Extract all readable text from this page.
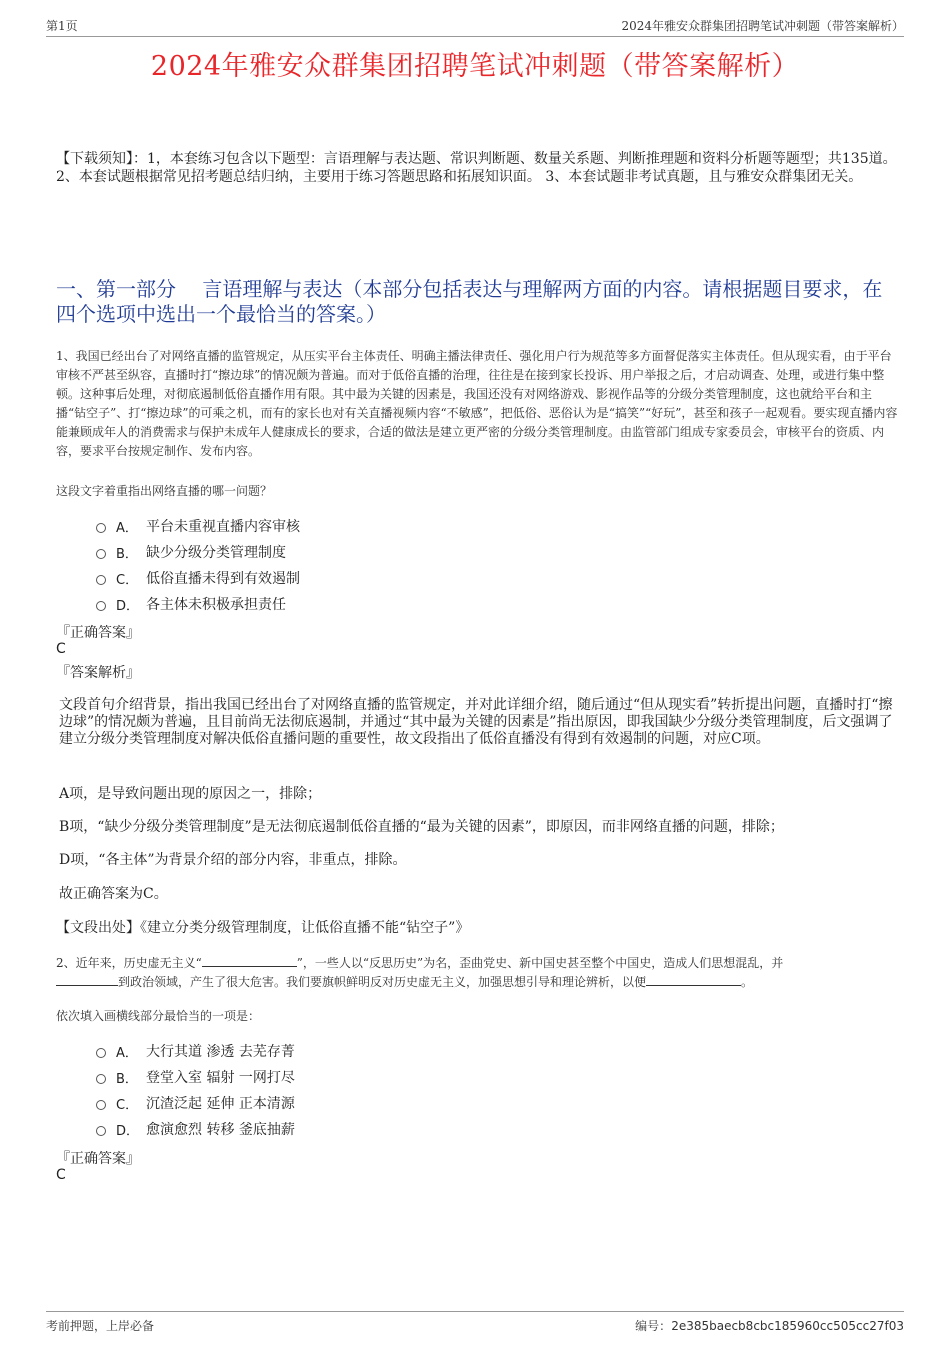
第1页	2024年雅安众群集团招聘笔试冲刺题（带答案解析）
2024年雅安众群集团招聘笔试冲刺题（带答案解析）

【下载须知】：1，本套练习包含以下题型：言语理解与表达题、常识判断题、数量关系题、判断推理题和资料分析题等题型；共135道。 2、本套试题根据常见招考题总结归纳，主要用于练习答题思路和拓展知识面。 3、本套试题非考试真题，且与雅安众群集团无关。

一、第一部分　 言语理解与表达（本部分包括表达与理解两方面的内容。请根据题目要求，在四个选项中选出一个最恰当的答案。）

1、我国已经出台了对网络直播的监管规定，从压实平台主体责任、明确主播法律责任、强化用户行为规范等多方面督促落实主体责任。但从现实看，由于平台审核不严甚至纵容，直播时打“擦边球”的情况颇为普遍。而对于低俗直播的治理，往往是在接到家长投诉、用户举报之后，才启动调查、处理，或进行集中整顿。这种事后处理，对彻底遏制低俗直播作用有限。其中最为关键的因素是，我国还没有对网络游戏、影视作品等的分级分类管理制度，这也就给平台和主播“钻空子”、打“擦边球”的可乘之机，而有的家长也对有关直播视频内容“不敏感”，把低俗、恶俗认为是“搞笑”“好玩”，甚至和孩子一起观看。要实现直播内容能兼顾成年人的消费需求与保护未成年人健康成长的要求，合适的做法是建立更严密的分级分类管理制度。由监管部门组成专家委员会，审核平台的资质、内容，要求平台按规定制作、发布内容。

这段文字着重指出网络直播的哪一问题？

A． 平台未重视直播内容审核
B． 缺少分级分类管理制度
C． 低俗直播未得到有效遏制
D． 各主体未积极承担责任

『正确答案』

C

『答案解析』

文段首句介绍背景，指出我国已经出台了对网络直播的监管规定，并对此详细介绍，随后通过“但从现实看”转折提出问题，直播时打“擦边球”的情况颇为普遍，且目前尚无法彻底遏制，并通过“其中最为关键的因素是”指出原因，即我国缺少分级分类管理制度，后文强调了建立分级分类管理制度对解决低俗直播问题的重要性，故文段指出了低俗直播没有得到有效遏制的问题，对应C项。

A项，是导致问题出现的原因之一，排除；

B项，“缺少分级分类管理制度”是无法彻底遏制低俗直播的“最为关键的因素”，即原因，而非网络直播的问题，排除；

D项，“各主体”为背景介绍的部分内容，非重点，排除。

故正确答案为C。

【文段出处】《建立分类分级管理制度，让低俗直播不能“钻空子”》

2、近年来，历史虚无主义“	”，一些人以“反思历史”为名，歪曲党史、新中国史甚至整个中国史，造成人们思想混乱，并
到政治领域，产生了很大危害。我们要旗帜鲜明反对历史虚无主义，加强思想引导和理论辨析，以便	。

依次填入画横线部分最恰当的一项是：

A． 大行其道 渗透 去芜存菁
B． 登堂入室 辐射 一网打尽
C． 沉渣泛起 延伸 正本清源
D． 愈演愈烈 转移 釜底抽薪

『正确答案』

C

考前押题，上岸必备	编号：2e385baecb8cbc185960cc505cc27f03
